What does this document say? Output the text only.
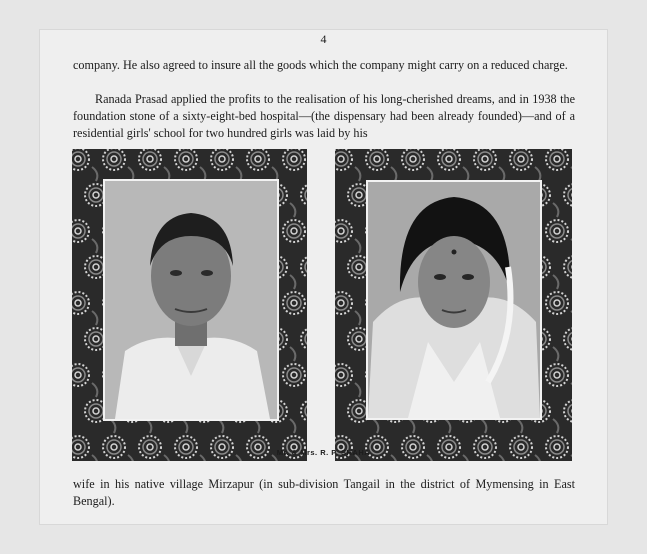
4

company. He also agreed to insure all the goods which the company might carry on a reduced charge.

Ranada Prasad applied the profits to the realisation of his long-cherished dreams, and in 1938 the foundation stone of a sixty-eight-bed hospital—(the dispensary had been already founded)—and of a residential girls' school for two hundred girls was laid by his

Mr. & Mrs. R. P. SHAHA

wife in his native village Mirzapur (in sub-division Tangail in the district of Mymensing in East Bengal).
